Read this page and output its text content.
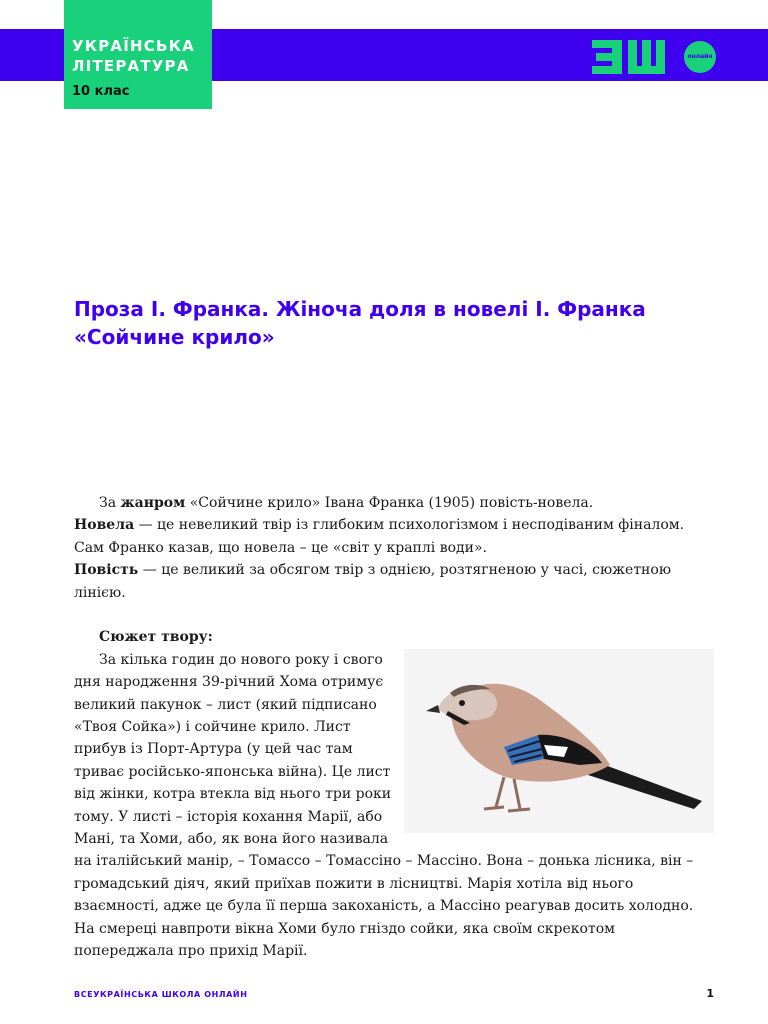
УКРАЇНСЬКА
ЛІТЕРАТУРА
10 клас
онлайн
Проза І. Франка. Жіноча доля в новелі І. Франка «Сойчине крило»

За жанром «Сойчине крило» Івана Франка (1905) повість-новела.

Новела — це невеликий твір із глибоким психологізмом і несподіваним фіналом. Сам Франко казав, що новела – це «світ у краплі води».

Повість — це великий за обсягом твір з однією, розтягненою у часі, сюжетною лінією.

Сюжет твору:

За кілька годин до нового року і свого дня народження 39-річний Хома отримує великий пакунок – лист (який підписано «Твоя Сойка») і сойчине крило. Лист прибув із Порт-Артура (у цей час там триває російсько-японська війна). Це лист від жінки, котра втекла від нього три роки тому. У листі – історія кохання Марії, або Мані, та Хоми, або, як вона його називала на італійський манір, – Томассо – Томассіно – Массіно. Вона – донька лісника, він – громадський діяч, який приїхав пожити в лісництві. Марія хотіла від нього взаємності, адже це була її перша закоханість, а Массіно реагував досить холодно. На смереці навпроти вікна Хоми було гніздо сойки, яка своїм скрекотом попереджала про прихід Марії.

ВСЕУКРАЇНСЬКА ШКОЛА ОНЛАЙН	1
